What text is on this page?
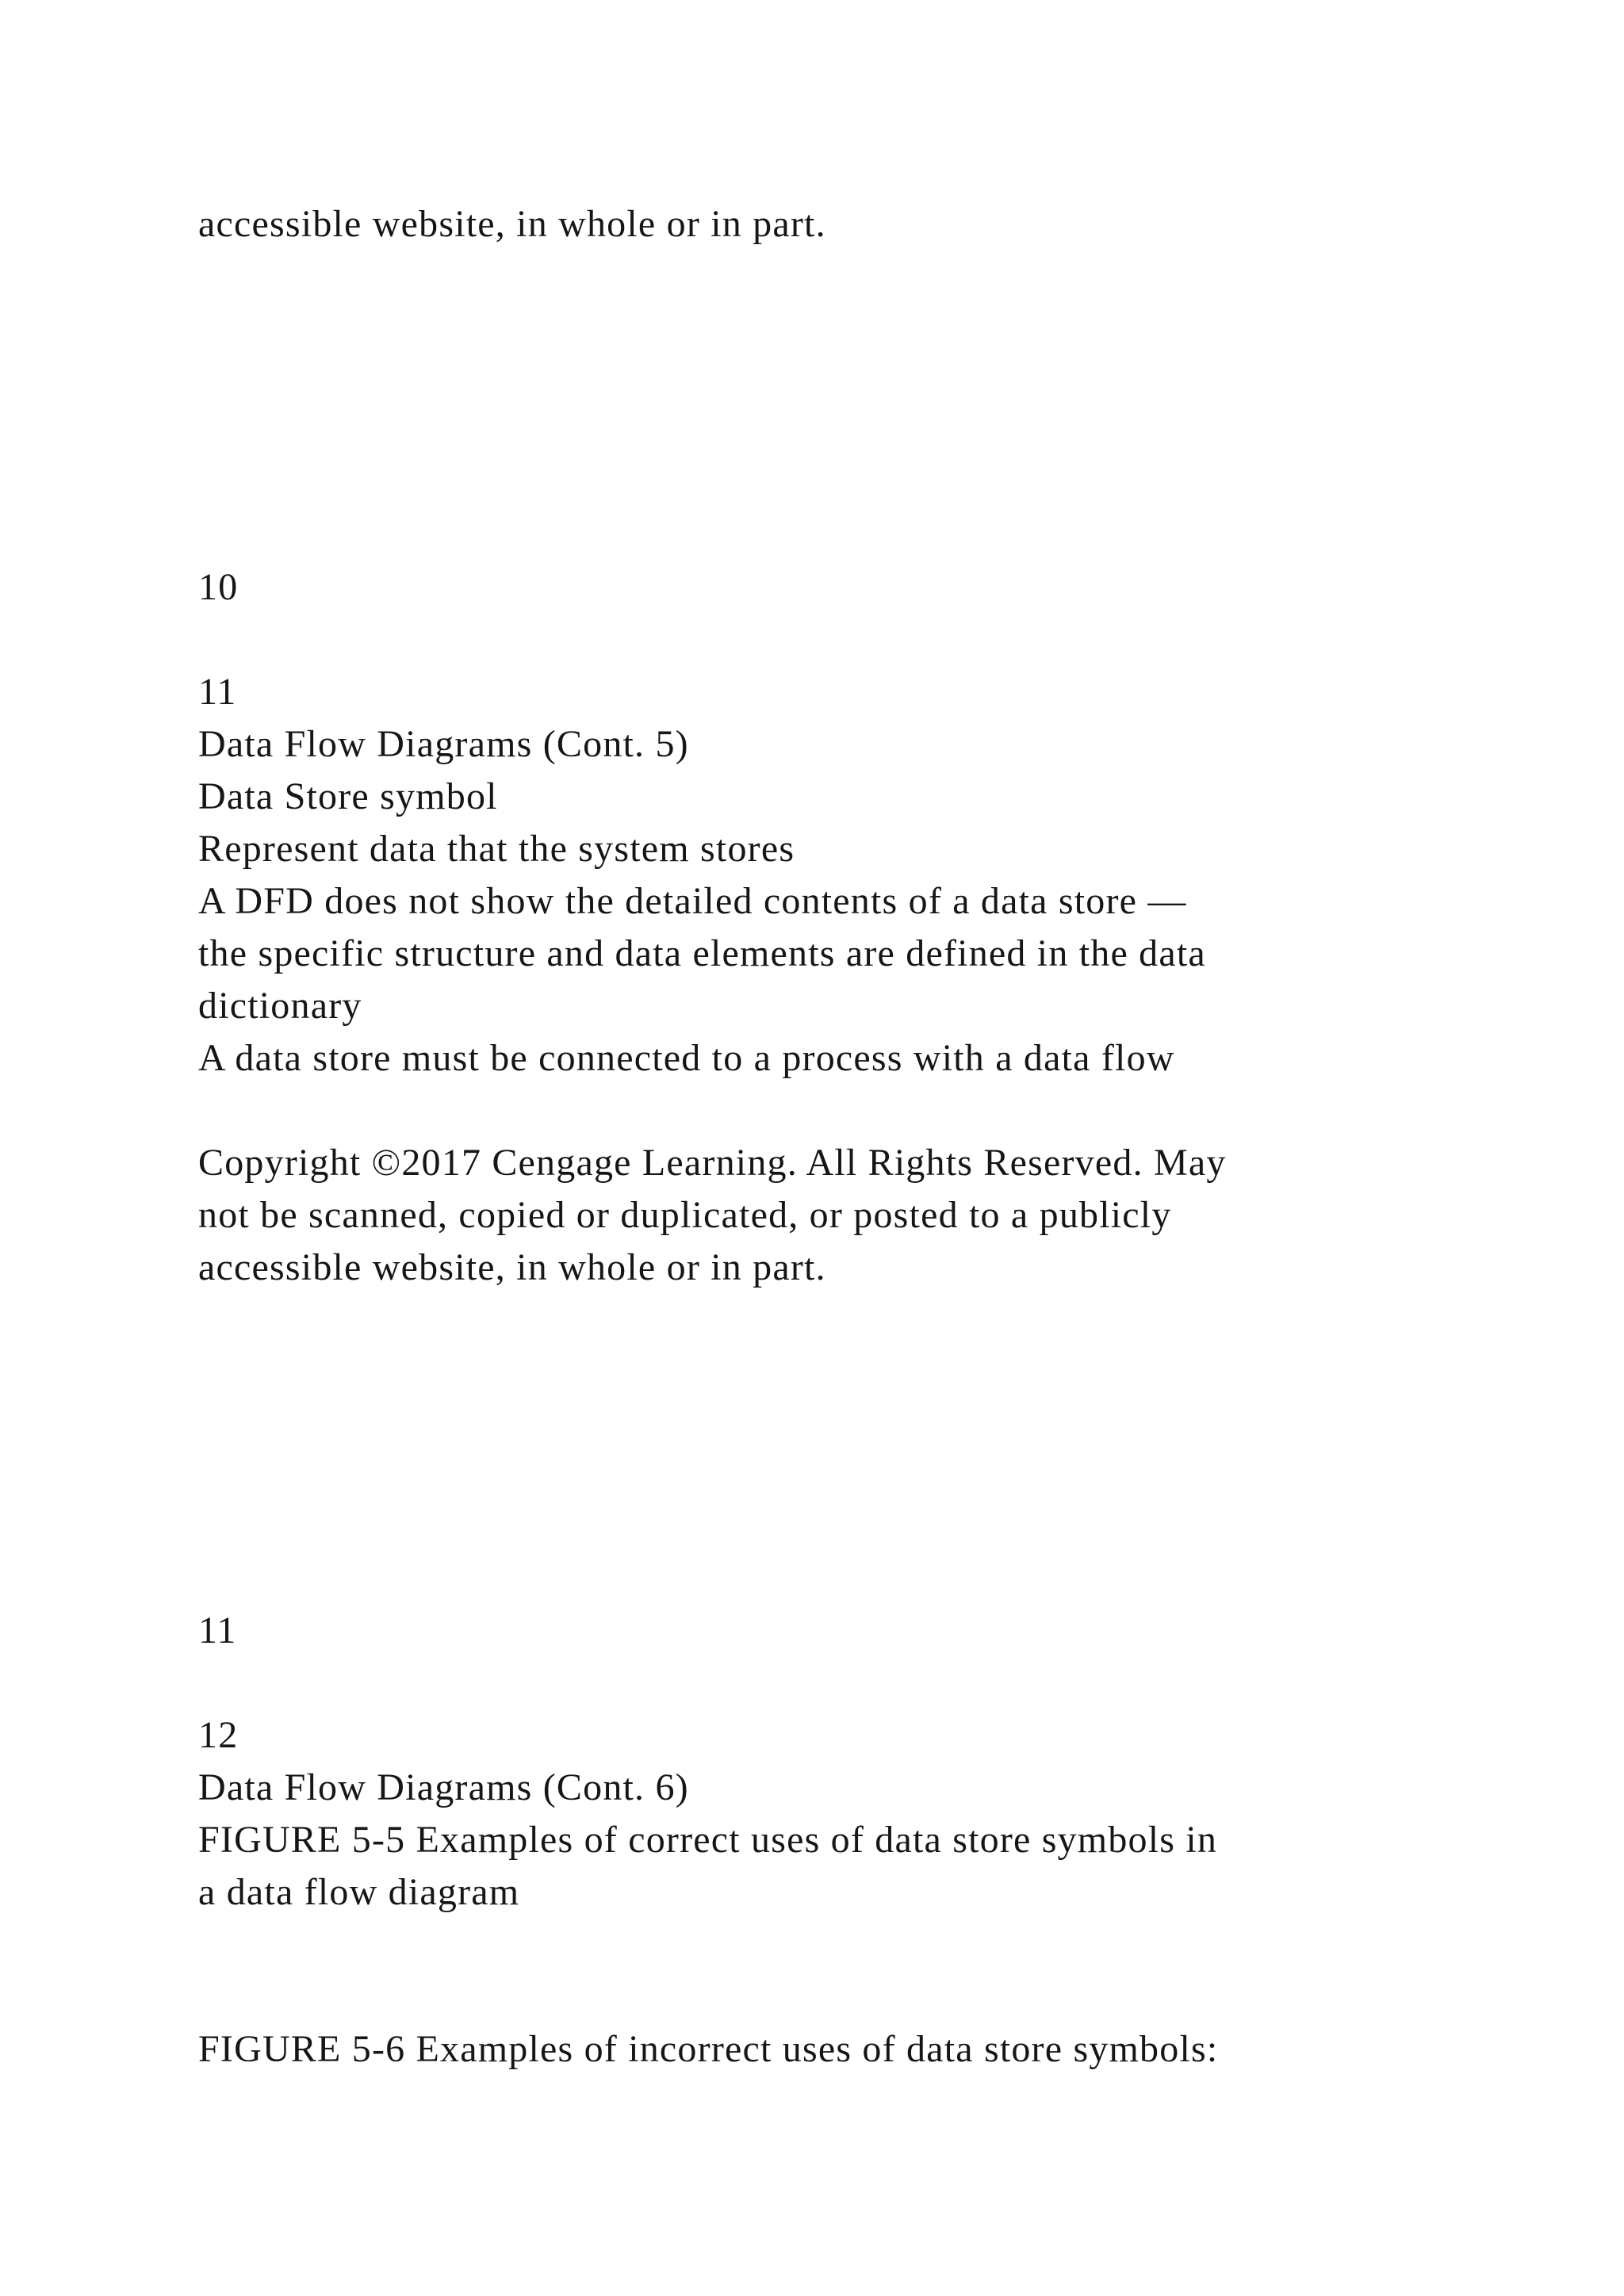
accessible website, in whole or in part.

10

11

Data Flow Diagrams (Cont. 5)

Data Store symbol

Represent data that the system stores

A DFD does not show the detailed contents of a data store —

the specific structure and data elements are defined in the data

dictionary

A data store must be connected to a process with a data flow

Copyright ©2017 Cengage Learning. All Rights Reserved. May

not be scanned, copied or duplicated, or posted to a publicly

accessible website, in whole or in part.

11

12

Data Flow Diagrams (Cont. 6)

FIGURE 5-5 Examples of correct uses of data store symbols in

a data flow diagram

FIGURE 5-6 Examples of incorrect uses of data store symbols:
